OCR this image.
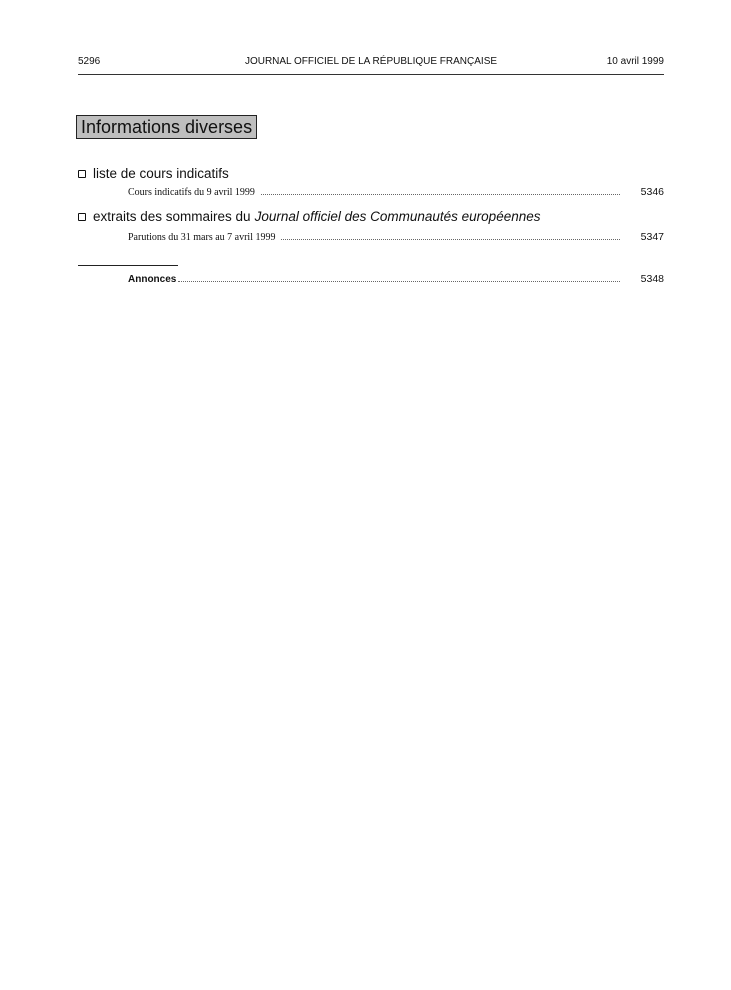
5296	JOURNAL OFFICIEL DE LA RÉPUBLIQUE FRANÇAISE	10 avril 1999
Informations diverses
liste de cours indicatifs
Cours indicatifs du 9 avril 1999	5346
extraits des sommaires du Journal officiel des Communautés européennes
Parutions du 31 mars au 7 avril 1999	5347
Annonces	5348
